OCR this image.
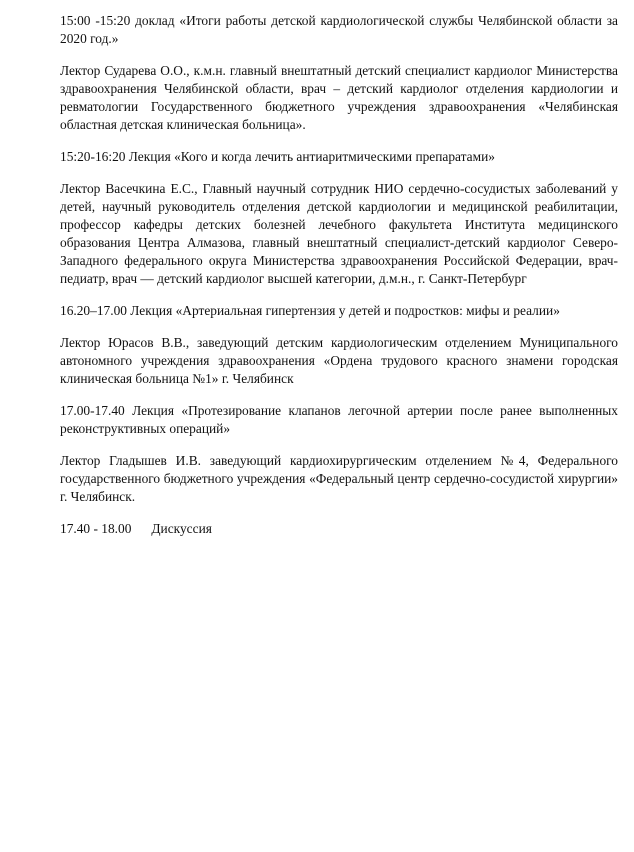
15:00 -15:20 доклад «Итоги работы детской кардиологической службы Челябинской области за 2020 год.»

Лектор Сударева О.О., к.м.н. главный внештатный детский специалист кардиолог Министерства здравоохранения Челябинской области, врач – детский кардиолог отделения кардиологии и ревматологии Государственного бюджетного учреждения здравоохранения «Челябинская областная детская клиническая больница».

15:20-16:20 Лекция «Кого и когда лечить антиаритмическими препаратами»

Лектор Васечкина Е.С., Главный научный сотрудник НИО сердечно-сосудистых заболеваний у детей, научный руководитель отделения детской кардиологии и медицинской реабилитации, профессор кафедры детских болезней лечебного факультета Института медицинского образования Центра Алмазова, главный внештатный специалист-детский кардиолог Северо-Западного федерального округа Министерства здравоохранения Российской Федерации, врач-педиатр, врач — детский кардиолог высшей категории, д.м.н., г. Санкт-Петербург

16.20–17.00 Лекция «Артериальная гипертензия у детей и подростков: мифы и реалии»

Лектор Юрасов В.В., заведующий детским кардиологическим отделением Муниципального автономного учреждения здравоохранения «Ордена трудового красного знамени городская клиническая больница №1» г. Челябинск

17.00-17.40 Лекция «Протезирование клапанов легочной артерии после ранее выполненных реконструктивных операций»

Лектор Гладышев И.В. заведующий кардиохирургическим отделением №4, Федерального государственного бюджетного учреждения «Федеральный центр сердечно-сосудистой хирургии» г. Челябинск.

17.40 - 18.00 Дискуссия
